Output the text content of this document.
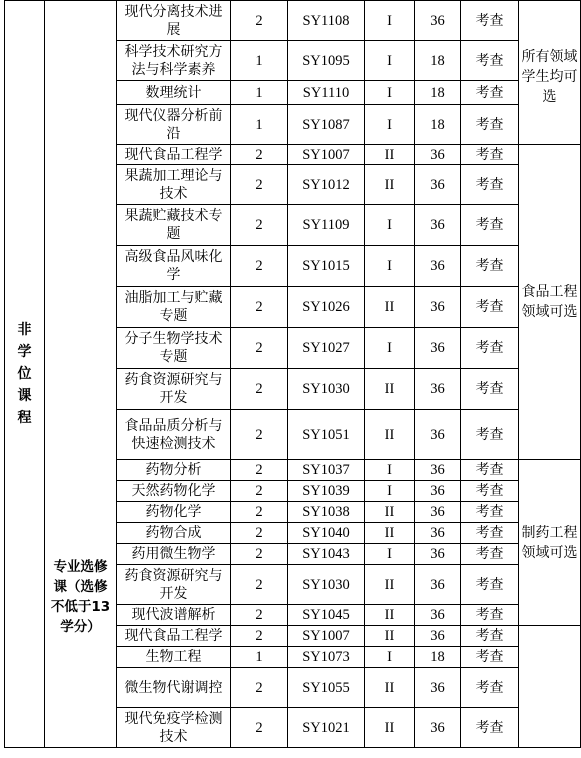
非学位课程	专业选修课（选修不低于13学分）	现代分离技术进展	2	SY1108	I	36	考查	所有领域学生均可选
		科学技术研究方法与科学素养	1	SY1095	I	18	考查	
		数理统计	1	SY1110	I	18	考查	
		现代仪器分析前沿	1	SY1087	I	18	考查	
		现代食品工程学	2	SY1007	II	36	考查	食品工程领域可选
		果蔬加工理论与技术	2	SY1012	II	36	考查	
		果蔬贮藏技术专题	2	SY1109	I	36	考查	
		高级食品风味化学	2	SY1015	I	36	考查	
		油脂加工与贮藏专题	2	SY1026	II	36	考查	
		分子生物学技术专题	2	SY1027	I	36	考查	
		药食资源研究与开发	2	SY1030	II	36	考查	
		食品品质分析与快速检测技术	2	SY1051	II	36	考查	
		药物分析	2	SY1037	I	36	考查	制药工程领域可选
		天然药物化学	2	SY1039	I	36	考查	
		药物化学	2	SY1038	II	36	考查	
		药物合成	2	SY1040	II	36	考查	
		药用微生物学	2	SY1043	I	36	考查	
		药食资源研究与开发	2	SY1030	II	36	考查	
		现代波谱解析	2	SY1045	II	36	考查	
		现代食品工程学	2	SY1007	II	36	考查	
		生物工程	1	SY1073	I	18	考查	
		微生物代谢调控	2	SY1055	II	36	考查	
		现代免疫学检测技术	2	SY1021	II	36	考查	
